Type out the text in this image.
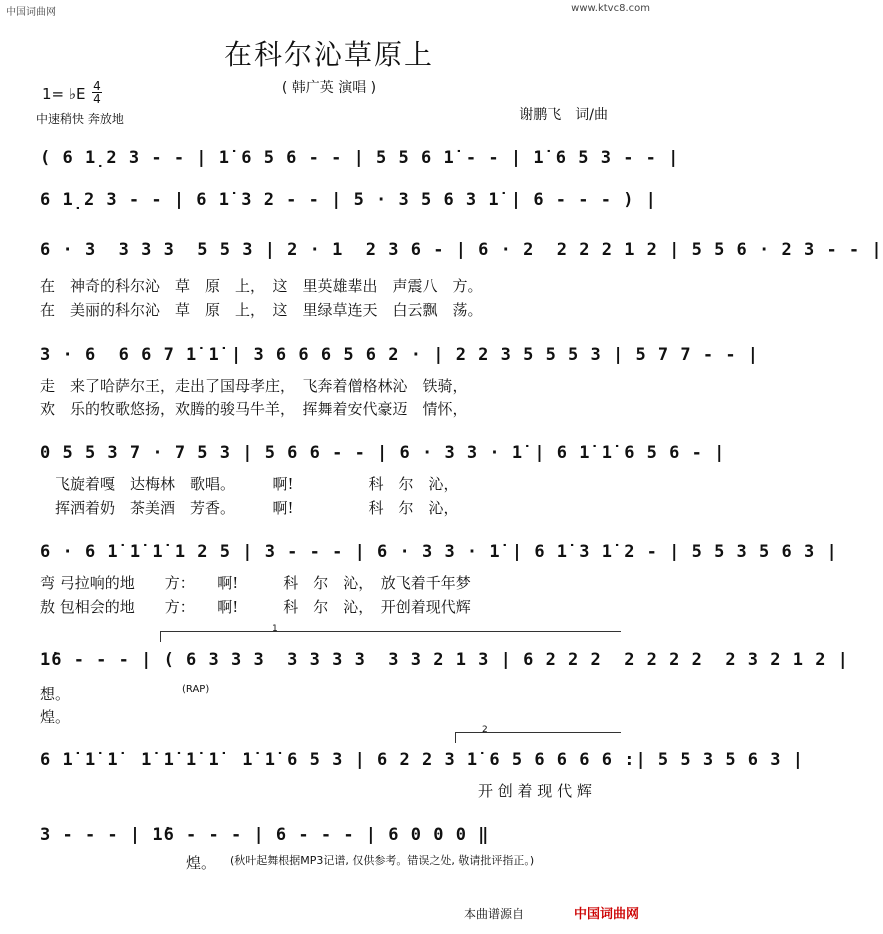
中国词曲网	www.ktvc8.com
在科尔沁草原上
( 韩广英 演唱 )
1= ♭E 4
4
中速稍快 奔放地	谢鹏飞　词/曲
( 6 1̣2 3 - - | 1̇ 6 5 6 - - | 5 5 6 1̇ - - | 1̇ 6 5 3 - - |
6 1̣2 3 - - | 6 1̇ 3 2 - - | 5 · 3 5 6 3 1̇ | 6 - - - ) |
6 · 3  3 3 3  5 5 3 | 2 · 1  2 3 6 - | 6 · 2  2 2 2 1 2 | 5 5 6 · 2 3 - - |
在　神奇的科尔沁　草　原　上，　这　里英雄辈出　声震八　方。
在　美丽的科尔沁　草　原　上，　这　里绿草连天　白云飘　荡。
3 · 6  6 6 7 1̇ 1̇ | 3 6 6 6 5 6 2 · | 2 2 3 5 5 5 3 | 5 7 7 - - |
走　来了哈萨尔王，走出了国母孝庄，　飞奔着僧格林沁　铁骑，
欢　乐的牧歌悠扬，欢腾的骏马牛羊，　挥舞着安代豪迈　情怀，
0 5 5 3 7 · 7 5 3 | 5 6 6 - - | 6 · 3 3 · 1̇ | 6 1̇ 1̇ 6 5 6 - |
　飞旋着嘎　达梅林　歌唱。　　　啊!　　　　　科　尔　沁，
　挥洒着奶　茶美酒　芳香。　　　啊!　　　　　科　尔　沁，
6 · 6 1̇ 1̇ 1̇ 1 2 5 | 3 - - - | 6 · 3 3 · 1̇ | 6 1̇ 3 1̇ 2 - | 5 5 3 5 6 3 |
弯 弓拉响的地　　方：　　啊!　　　科　尔　沁，　放飞着千年梦
敖 包相会的地　　方：　　啊!　　　科　尔　沁，　开创着现代辉
1
1̇6 - - - | ( 6 3 3 3  3 3 3 3  3 3 2 1 3 | 6 2 2 2  2 2 2 2  2 3 2 1 2 |
想。	(RAP)
煌。
2
6 1̇ 1̇ 1̇  1̇ 1̇ 1̇ 1̇  1̇ 1̇ 6 5 3 | 6 2 2 3 1̇ 6 5 6 6 6 6 :| 5 5 3 5 6 3 |
开 创 着 现 代 辉
3 - - - | 1̇6 - - - | 6 - - - | 6 0 0 0 ‖
煌。 (秋叶起舞根据MP3记谱, 仅供参考。错误之处, 敬请批评指正。)
本曲谱源自	中国词曲网
